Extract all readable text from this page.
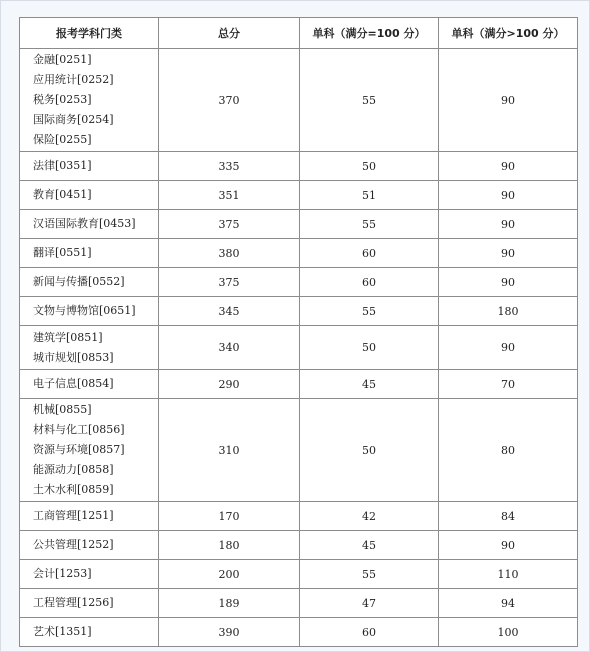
报考学科门类	总分	单科（满分=100 分）	单科（满分>100 分）

金融[0251]
应用统计[0252]
税务[0253]
国际商务[0254]
保险[0255]	370	55	90

法律[0351]	335	50	90

教育[0451]	351	51	90

汉语国际教育[0453]	375	55	90

翻译[0551]	380	60	90

新闻与传播[0552]	375	60	90

文物与博物馆[0651]	345	55	180

建筑学[0851]
城市规划[0853]	340	50	90

电子信息[0854]	290	45	70

机械[0855]
材料与化工[0856]
资源与环境[0857]
能源动力[0858]
土木水利[0859]	310	50	80

工商管理[1251]	170	42	84

公共管理[1252]	180	45	90

会计[1253]	200	55	110

工程管理[1256]	189	47	94

艺术[1351]	390	60	100
